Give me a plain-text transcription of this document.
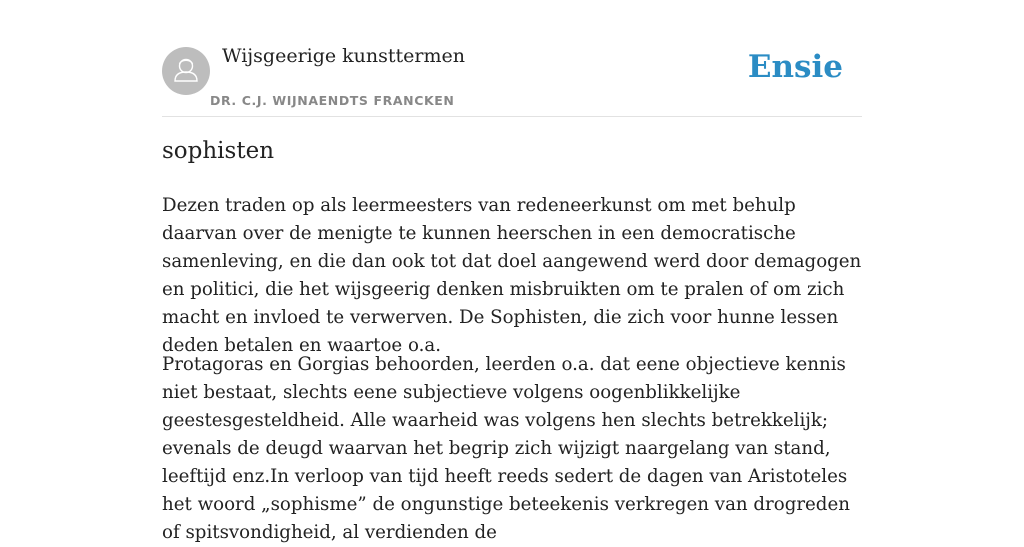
Wijsgeerige kunsttermen
DR. C.J. WIJNAENDTS FRANCKEN
Ensie
sophisten

Dezen traden op als leermeesters van redeneerkunst om met behulp daarvan over de menigte te kunnen heerschen in een democratische samenleving, en die dan ook tot dat doel aangewend werd door demagogen en politici, die het wijsgeerig denken misbruikten om te pralen of om zich macht en invloed te verwerven. De Sophisten, die zich voor hunne lessen deden betalen en waartoe o.a.

Protagoras en Gorgias behoorden, leerden o.a. dat eene objectieve kennis niet bestaat, slechts eene subjectieve volgens oogenblikkelijke geestesgesteldheid. Alle waarheid was volgens hen slechts betrekkelijk; evenals de deugd waarvan het begrip zich wijzigt naargelang van stand, leeftijd enz.In verloop van tijd heeft reeds sedert de dagen van Aristoteles het woord „sophisme” de ongunstige beteekenis verkregen van drogreden of spitsvondigheid, al verdienden de
